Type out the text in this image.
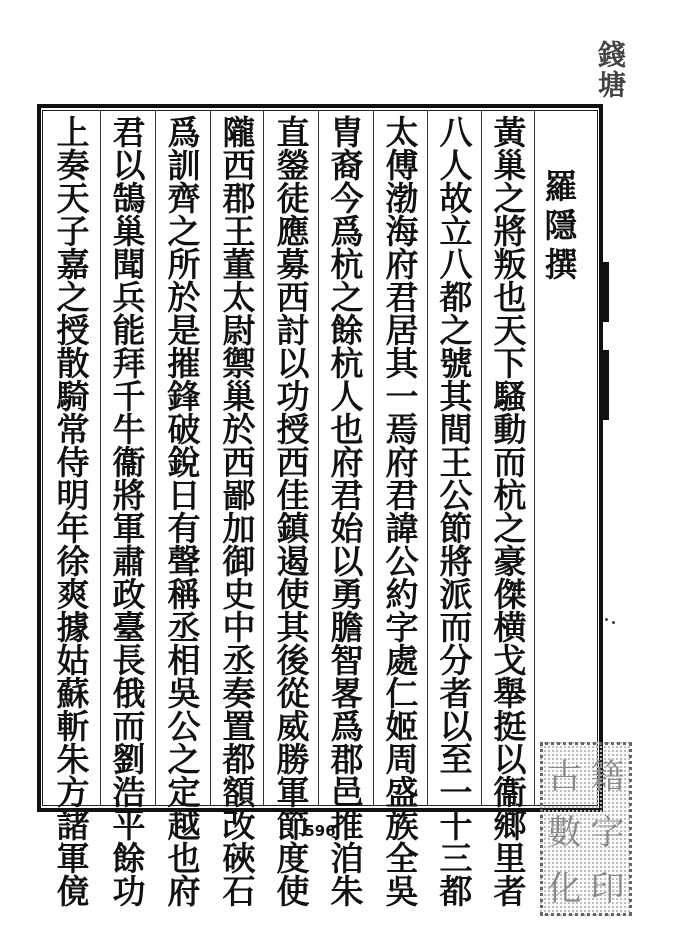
錢塘
羅
隱
撰
黃
巢
之
將
叛
也
天
下
騷
動
而
杭
之
豪
傑
横
戈
舉
挺
以
衞
鄉
里
者
八
人
故
立
八
都
之
號
其
間
王
公
節
將
派
而
分
者
以
至
一
十
三
都
太
傅
渤
海
府
君
居
其
一
焉
府
君
諱
公
約
字
處
仁
姬
周
盛
族
全
吳
胄
裔
今
爲
杭
之
餘
杭
人
也
府
君
始
以
勇
膽
智
畧
爲
郡
邑
推
洎
朱
直
鎣
徒
應
募
西
討
以
功
授
西
佳
鎮
遏
使
其
後
從
威
勝
軍
節
度
使
隴
西
郡
王
董
太
尉
禦
巢
於
西
鄙
加
御
史
中
丞
奏
置
都
額
改
硤
石
爲
訓
齊
之
所
於
是
摧
鋒
破
銳
日
有
聲
稱
丞
相
吳
公
之
定
越
也
府
君
以
鵠
巢
聞
兵
能
拜
千
牛
衞
將
軍
肅
政
臺
長
俄
而
劉
浩
平
餘
功
上
奏
天
子
嘉
之
授
散
騎
常
侍
明
年
徐
爽
據
姑
蘇
斬
朱
方
諸
軍
傹
596
古 籍
數 字
化 印
